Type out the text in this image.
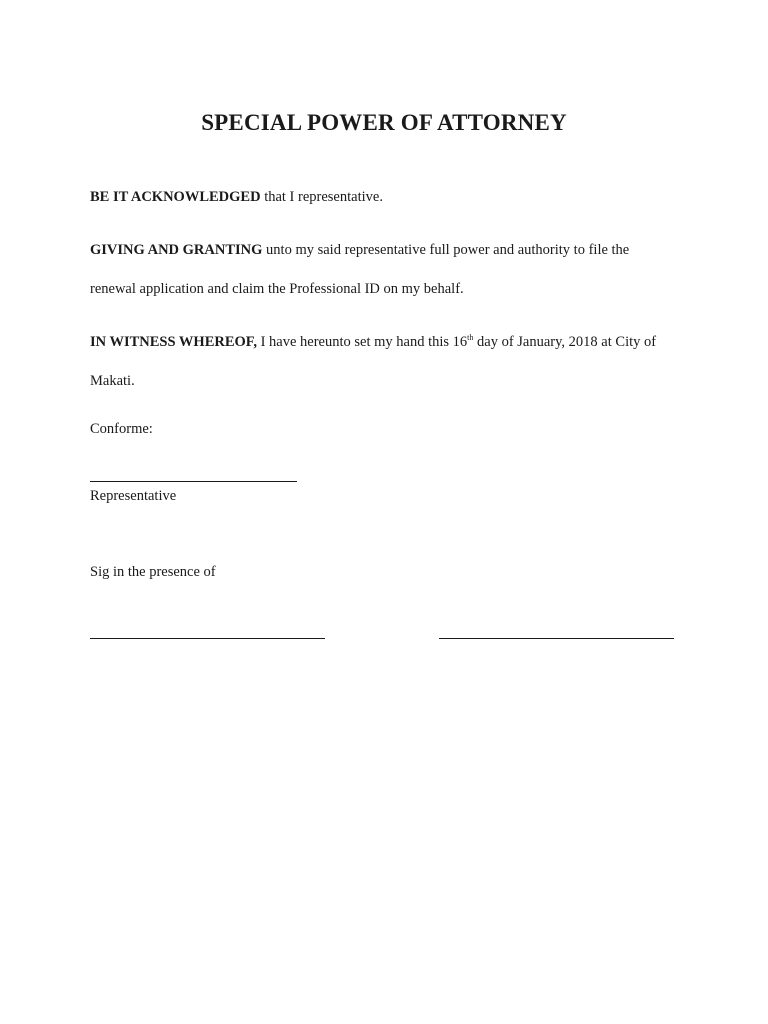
SPECIAL POWER OF ATTORNEY

BE IT ACKNOWLEDGED that I representative.

GIVING AND GRANTING unto my said representative full power and authority to file the

renewal application and claim the Professional ID on my behalf.

IN WITNESS WHEREOF, I have hereunto set my hand this 16th day of January, 2018 at City of

Makati.

Conforme:

Representative

Sig in the presence of
